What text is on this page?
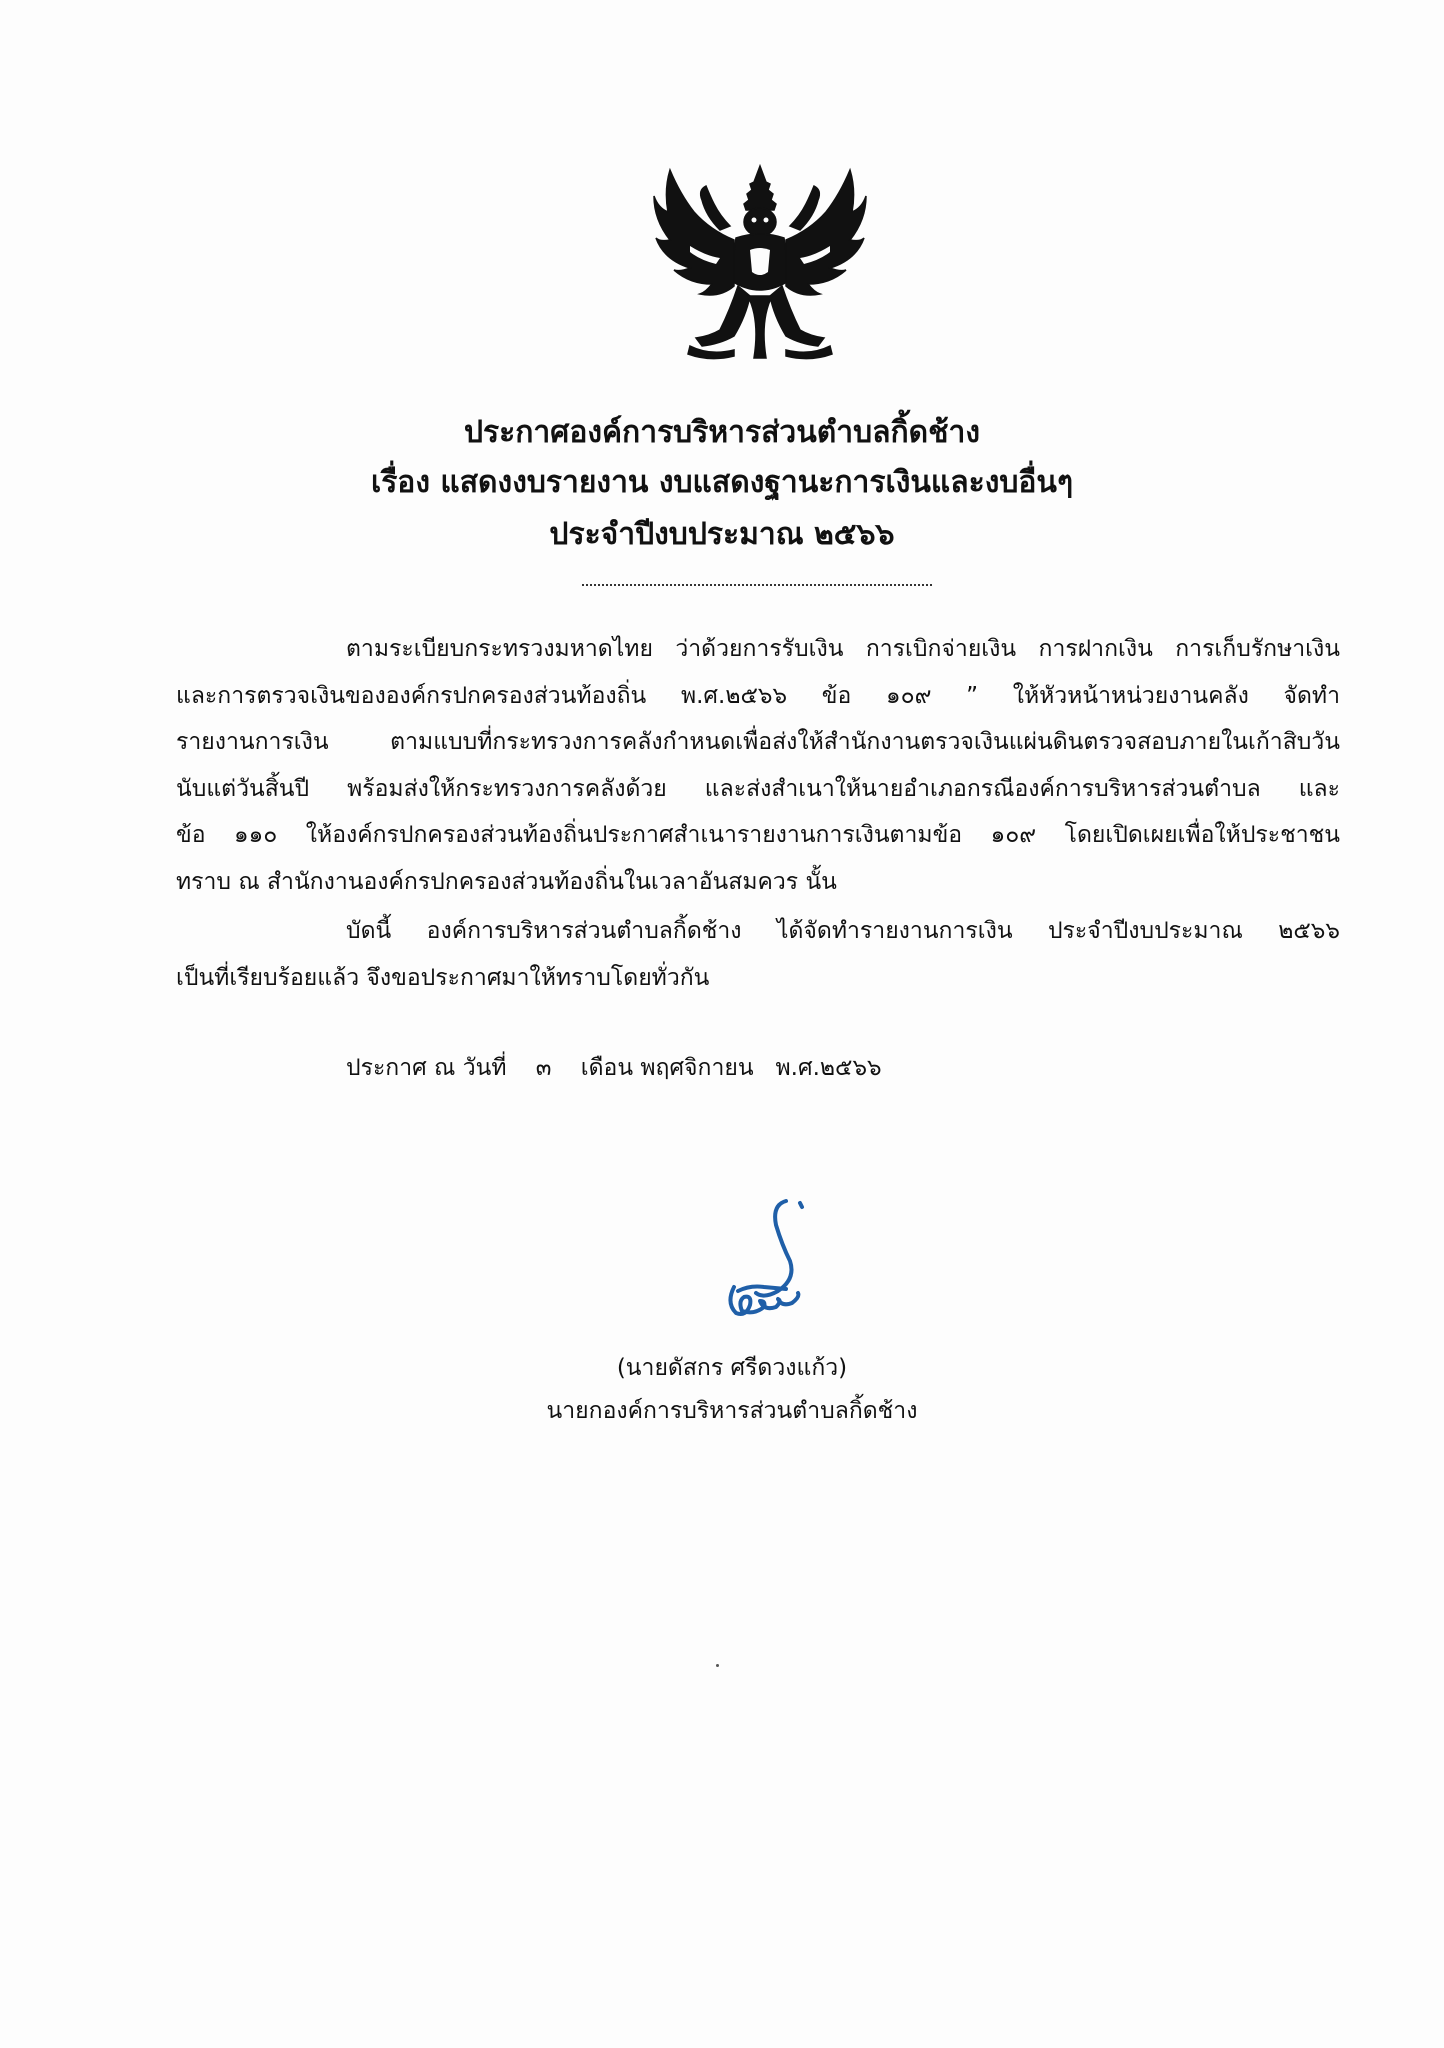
ประกาศองค์การบริหารส่วนตำบลกิ้ดช้าง
เรื่อง แสดงงบรายงาน งบแสดงฐานะการเงินและงบอื่นๆ
ประจำปีงบประมาณ ๒๕๖๖
ตามระเบียบกระทรวงมหาดไทย ว่าด้วยการรับเงิน การเบิกจ่ายเงิน การฝากเงิน การเก็บรักษาเงิน
และการตรวจเงินขององค์กรปกครองส่วนท้องถิ่น พ.ศ.๒๕๖๖ ข้อ ๑๐๙ ” ให้หัวหน้าหน่วยงานคลัง จัดทำ
รายงานการเงิน ตามแบบที่กระทรวงการคลังกำหนดเพื่อส่งให้สำนักงานตรวจเงินแผ่นดินตรวจสอบภายในเก้าสิบวัน
นับแต่วันสิ้นปี พร้อมส่งให้กระทรวงการคลังด้วย และส่งสำเนาให้นายอำเภอกรณีองค์การบริหารส่วนตำบล และ
ข้อ ๑๑๐ ให้องค์กรปกครองส่วนท้องถิ่นประกาศสำเนารายงานการเงินตามข้อ ๑๐๙ โดยเปิดเผยเพื่อให้ประชาชน
ทราบ ณ สำนักงานองค์กรปกครองส่วนท้องถิ่นในเวลาอันสมควร นั้น
บัดนี้ องค์การบริหารส่วนตำบลกิ้ดช้าง ได้จัดทำรายงานการเงิน ประจำปีงบประมาณ ๒๕๖๖
เป็นที่เรียบร้อยแล้ว จึงขอประกาศมาให้ทราบโดยทั่วกัน
ประกาศ ณ วันที่    ๓    เดือน พฤศจิกายน   พ.ศ.๒๕๖๖
(นายดัสกร ศรีดวงแก้ว)
นายกองค์การบริหารส่วนตำบลกิ้ดช้าง
